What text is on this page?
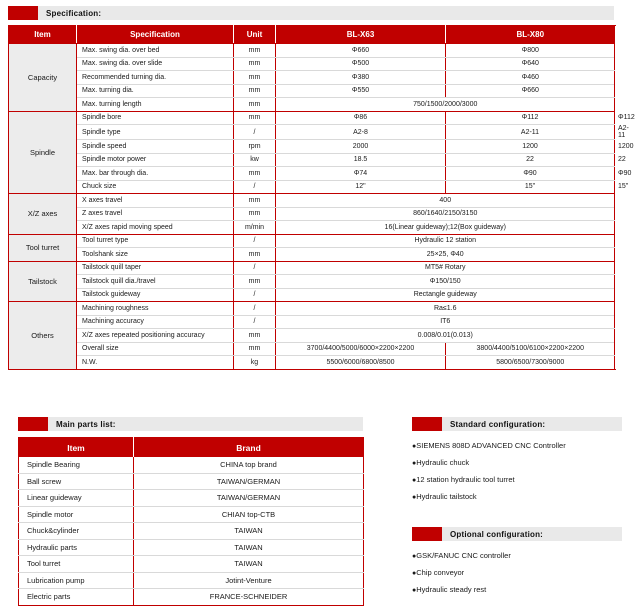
Specification:
Item	Specification	Unit	BL-X63	BL-X80	
Capacity	Max. swing dia. over bed	mm	Φ660	Φ800	
	Max. swing dia. over slide	mm	Φ500	Φ640	
	Recommended turning dia.	mm	Φ380	Φ460	
	Max. turning dia.	mm	Φ550	Φ660	
	Max. turning length	mm	750/1500/2000/3000		
Spindle	Spindle bore	mm	Φ86	Φ112	Φ112
	Spindle type	/	A2-8	A2-11	A2-11
	Spindle speed	rpm	2000	1200	1200
	Spindle motor power	kw	18.5	22	22
	Max. bar through dia.	mm	Φ74	Φ90	Φ90
	Chuck size	/	12"	15"	15"
X/Z axes	X axes travel	mm	400		
	Z axes travel	mm	860/1640/2150/3150		
	X/Z axes rapid moving speed	m/min	16(Linear guideway);12(Box guideway)		
Tool turret	Tool turret type	/	Hydraulic 12 station		
	Toolshank size	mm	25×25, Φ40		
Tailstock	Tailstock quill taper	/	MT5# Rotary		
	Tailstock quill dia./travel	mm	Φ150/150		
	Tailstock guideway	/	Rectangle guideway		
Others	Machining roughness	/	Ra≤1.6		
	Machining accuracy	/	IT6		
	X/Z axes repeated positioning accuracy	mm	0.008/0.01(0.013)		
	Overall size	mm	3700/4400/5000/6000×2200×2200	3800/4400/5100/6100×2200×2200	
	N.W.	kg	5500/6000/6800/8500	5800/6500/7300/9000	
Main parts list:
Item	Brand
Spindle Bearing	CHINA top brand
Ball screw	TAIWAN/GERMAN
Linear guideway	TAIWAN/GERMAN
Spindle motor	CHIAN top-CTB
Chuck&cylinder	TAIWAN
Hydraulic parts	TAIWAN
Tool turret	TAIWAN
Lubrication pump	Jotint-Venture
Electric parts	FRANCE-SCHNEIDER
Standard configuration:
●SIEMENS 808D ADVANCED CNC Controller
●Hydraulic chuck
●12 station hydraulic tool turret
●Hydraulic tailstock
Optional configuration:
●GSK/FANUC CNC controller
●Chip conveyor
●Hydraulic steady rest
